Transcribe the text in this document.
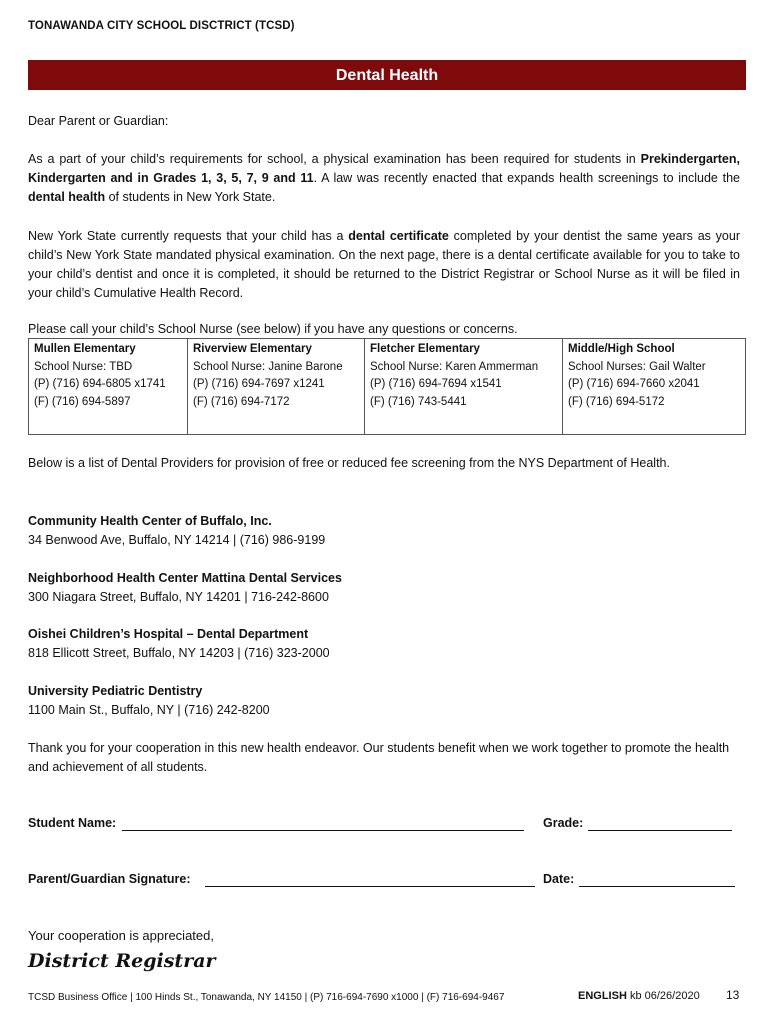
TONAWANDA CITY SCHOOL DISCTRICT (TCSD)
Dental Health
Dear Parent or Guardian:
As a part of your child’s requirements for school, a physical examination has been required for students in Prekindergarten, Kindergarten and in Grades 1, 3, 5, 7, 9 and 11. A law was recently enacted that expands health screenings to include the dental health of students in New York State.
New York State currently requests that your child has a dental certificate completed by your dentist the same years as your child’s New York State mandated physical examination. On the next page, there is a dental certificate available for you to take to your child’s dentist and once it is completed, it should be returned to the District Registrar or School Nurse as it will be filed in your child’s Cumulative Health Record.
Please call your child’s School Nurse (see below) if you have any questions or concerns.
Mullen Elementary
School Nurse: TBD
(P) (716) 694-6805 x1741
(F) (716) 694-5897

Riverview Elementary
School Nurse: Janine Barone
(P) (716) 694-7697 x1241
(F) (716) 694-7172

Fletcher Elementary
School Nurse: Karen Ammerman
(P) (716) 694-7694 x1541
(F) (716) 743-5441

Middle/High School
School Nurses: Gail Walter
(P) (716) 694-7660 x2041
(F) (716) 694-5172
Below is a list of Dental Providers for provision of free or reduced fee screening from the NYS Department of Health.
Community Health Center of Buffalo, Inc.
34 Benwood Ave, Buffalo, NY 14214 | (716) 986-9199
Neighborhood Health Center Mattina Dental Services
300 Niagara Street, Buffalo, NY 14201 | 716-242-8600
Oishei Children’s Hospital – Dental Department
818 Ellicott Street, Buffalo, NY 14203 | (716) 323-2000
University Pediatric Dentistry
1100 Main St., Buffalo, NY | (716) 242-8200
Thank you for your cooperation in this new health endeavor. Our students benefit when we work together to promote the health and achievement of all students.
Student Name:	Grade:
Parent/Guardian Signature:	Date:
Your cooperation is appreciated,
District Registrar
TCSD Business Office | 100 Hinds St., Tonawanda, NY 14150 | (P) 716-694-7690 x1000 | (F) 716-694-9467	ENGLISH kb 06/26/2020 13
